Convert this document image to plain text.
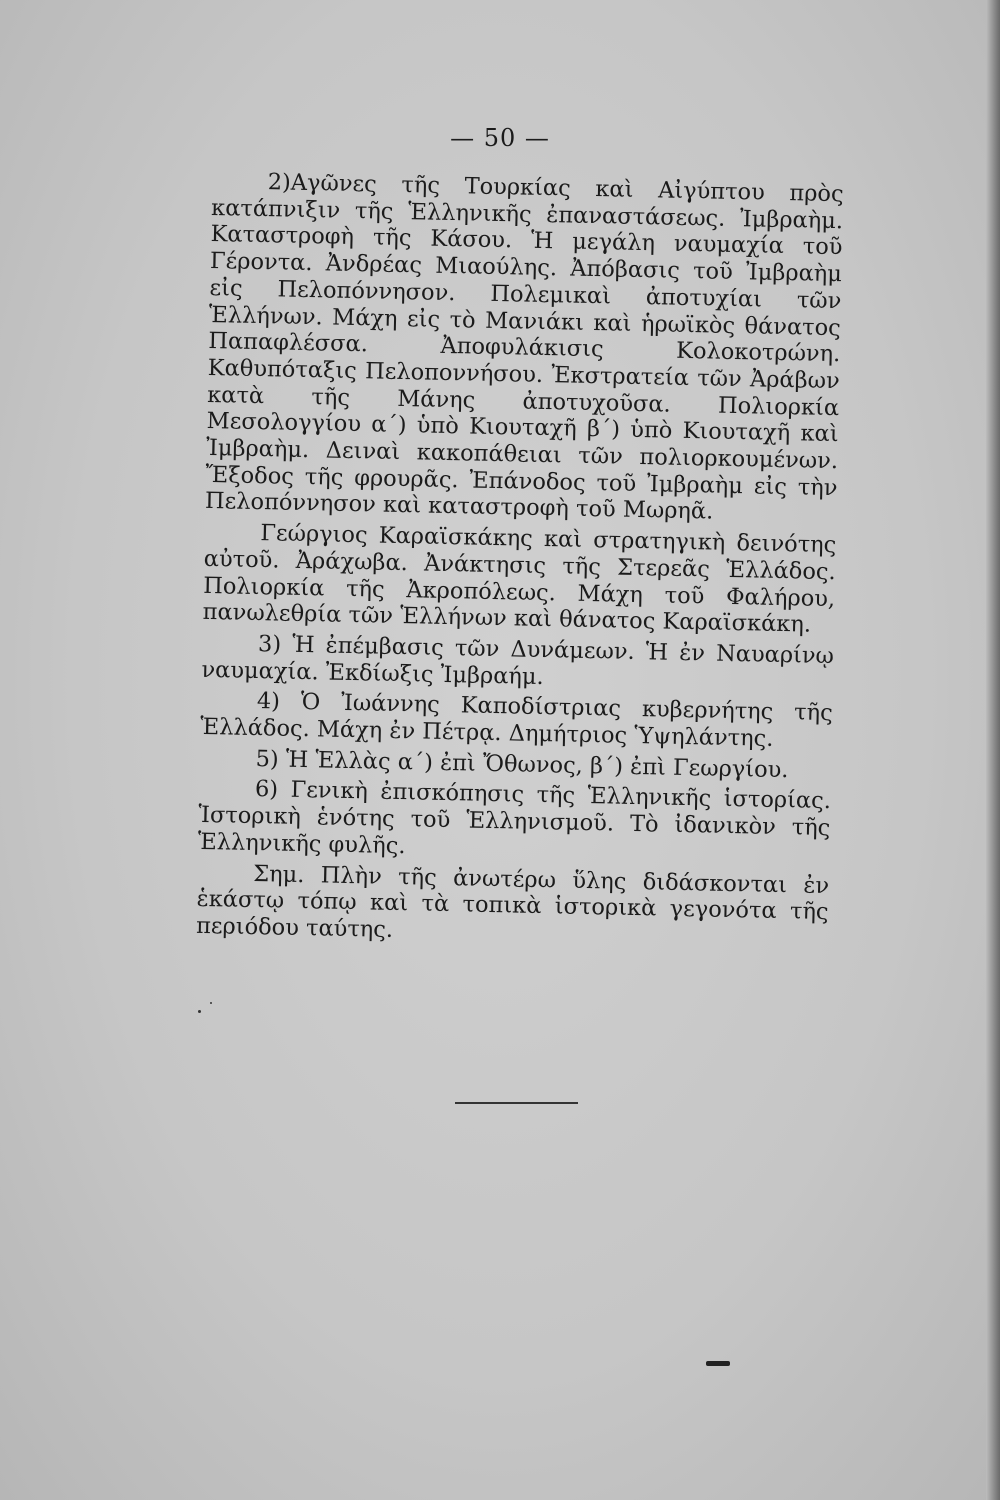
— 50 —

2)Αγῶνες τῆς Τουρκίας καὶ Αἰγύπτου πρὸς κατάπνιξιν τῆς Ἑλληνικῆς ἐπαναστάσεως. Ἰμβραὴμ. Καταστροφὴ τῆς Κάσου. Ἡ μεγάλη ναυμαχία τοῦ Γέροντα. Ἀνδρέας Μιαούλης. Ἀπόβασις τοῦ Ἰμβραὴμ εἰς Πελοπόννησον. Πολεμικαὶ ἀποτυχίαι τῶν Ἑλλήνων. Μάχη εἰς τὸ Μανιάκι καὶ ἡρωϊκὸς θάνατος Παπαφλέσσα. Ἀποφυλάκισις Κολοκοτρώνη. Καθυπόταξις Πελοποννήσου. Ἐκστρατεία τῶν Ἀράβων κατὰ τῆς Μάνης ἀποτυχοῦσα. Πολιορκία Μεσολογγίου α΄) ὑπὸ Κιουταχῆ β΄) ὑπὸ Κιουταχῆ καὶ Ἰμβραὴμ. Δειναὶ κακοπάθειαι τῶν πολιορκουμένων. Ἔξοδος τῆς φρουρᾶς. Ἐπάνοδος τοῦ Ἰμβραὴμ εἰς τὴν Πελοπόννησον καὶ καταστροφὴ τοῦ Μωρηᾶ.

Γεώργιος Καραϊσκάκης καὶ στρατηγικὴ δεινότης αὐτοῦ. Ἀράχωβα. Ἀνάκτησις τῆς Στερεᾶς Ἑλλάδος. Πολιορκία τῆς Ἀκροπόλεως. Μάχη τοῦ Φαλήρου, πανωλεθρία τῶν Ἑλλήνων καὶ θάνατος Καραϊσκάκη.

3) Ἡ ἐπέμβασις τῶν Δυνάμεων. Ἡ ἐν Ναυαρίνῳ ναυμαχία. Ἐκδίωξις Ἰμβραήμ.

4) Ὁ Ἰωάννης Καποδίστριας κυβερνήτης τῆς Ἑλλάδος. Μάχη ἐν Πέτρᾳ. Δημήτριος Ὑψηλάντης.

5) Ἡ Ἑλλὰς α΄) ἐπὶ Ὄθωνος, β΄) ἐπὶ Γεωργίου.

6) Γενικὴ ἐπισκόπησις τῆς Ἑλληνικῆς ἱστορίας. Ἱστορικὴ ἑνότης τοῦ Ἑλληνισμοῦ. Τὸ ἰδανικὸν τῆς Ἑλληνικῆς φυλῆς.

Σημ. Πλὴν τῆς ἀνωτέρω ὕλης διδάσκονται ἐν ἑκάστῳ τόπῳ καὶ τὰ τοπικὰ ἱστορικὰ γεγονότα τῆς περιόδου ταύτης.
